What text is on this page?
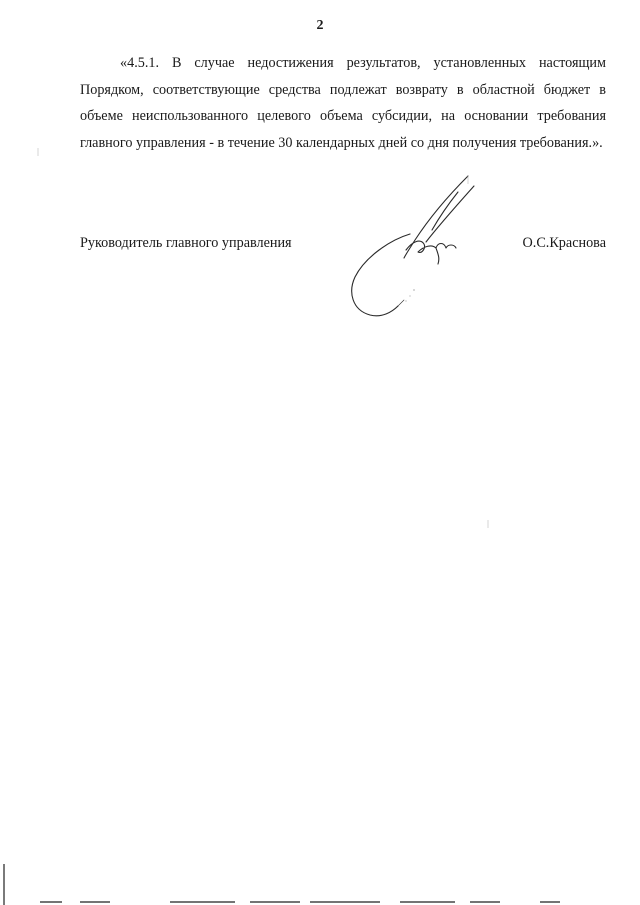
2

«4.5.1. В случае недостижения результатов, установленных настоящим Порядком, соответствующие средства подлежат возврату в областной бюджет в объеме неиспользованного целевого объема субсидии, на основании требования главного управления - в течение 30 календарных дней со дня получения требования.».

Руководитель главного управления	О.С.Краснова
